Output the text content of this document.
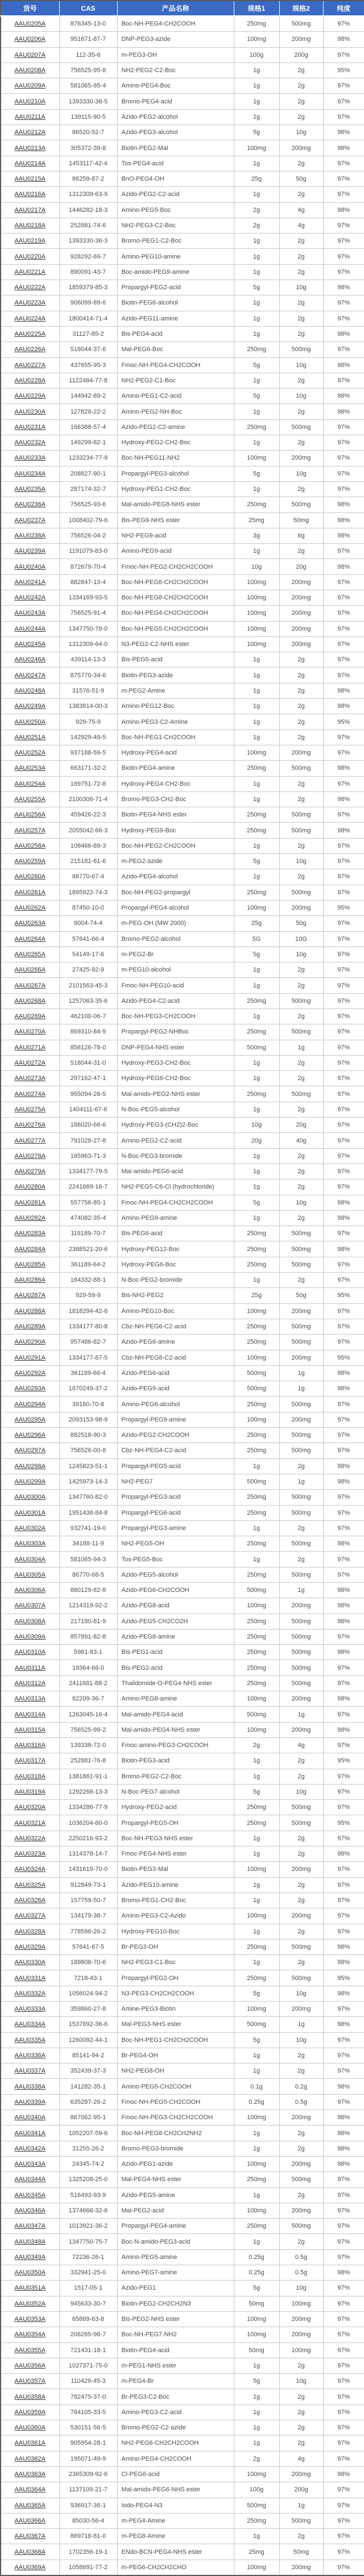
货号	CAS	产品名称	规格1	规格2	纯度
AAU0205A	876345-13-0	Boc-NH-PEG4-CH2COOH	250mg	500mg	97%
AAU0206A	951671-87-7	DNP-PEG3-azide	100mg	200mg	98%
AAU0207A	112-35-6	m-PEG3-OH	100g	200g	97%
AAU0208A	756525-95-8	NH2-PEG2-C2-Boc	1g	2g	95%
AAU0209A	581065-95-4	Amino-PEG4-Boc	1g	2g	97%
AAU0210A	1393330-38-5	Bromo-PEG4-acid	1g	2g	97%
AAU0211A	139115-90-5	Azido-PEG2-alcohol	1g	2g	97%
AAU0212A	86520-52-7	Azido-PEG3-alcohol	5g	10g	98%
AAU0213A	305372-39-8	Biotin-PEG2-Mal	100mg	200mg	98%
AAU0214A	1453117-42-4	Tos-PEG4-acid	1g	2g	97%
AAU0215A	86259-87-2	BnO-PEG4-OH	25g	50g	97%
AAU0216A	1312309-63-9	Azido-PEG2-C2-acid	1g	2g	97%
AAU0217A	1446282-18-3	Amino-PEG5-Boc	2g	4g	98%
AAU0218A	252881-74-6	NH2-PEG3-C2-Boc	2g	4g	97%
AAU0219A	1393330-36-3	Bromo-PEG1-C2-Boc	1g	2g	97%
AAU0220A	928292-69-7	Amino-PEG10-amine	1g	2g	97%
AAU0221A	890091-43-7	Boc-amido-PEG9-amine	1g	2g	97%
AAU0222A	1859379-85-3	Propargyl-PEG2-acid	5g	10g	98%
AAU0223A	906099-89-6	Biotin-PEG6-alcohol	1g	2g	97%
AAU0224A	1800414-71-4	Azido-PEG11-amine	1g	2g	97%
AAU0225A	31127-85-2	Bis-PEG4-acid	1g	2g	98%
AAU0226A	518044-37-6	Mal-PEG6-Boc	250mg	500mg	97%
AAU0227A	437655-95-3	Fmoc-NH-PEG4-CH2COOH	5g	10g	98%
AAU0228A	1122484-77-8	NH2-PEG2-C1-Boc	1g	2g	97%
AAU0229A	144942-89-2	Amino-PEG1-C2-acid	5g	10g	98%
AAU0230A	127828-22-2	Amino-PEG2-NH-Boc	1g	2g	98%
AAU0231A	166388-57-4	Azido-PEG2-C2-amine	250mg	500mg	97%
AAU0232A	149299-82-1	Hydroxy-PEG2-CH2-Boc	1g	2g	97%
AAU0233A	1233234-77-9	Boc-NH-PEG11-NH2	100mg	200mg	97%
AAU0234A	208827-90-1	Propargyl-PEG3-alcohol	5g	10g	97%
AAU0235A	287174-32-7	Hydroxy-PEG1-CH2-Boc	1g	2g	97%
AAU0236A	756525-93-6	Mal-amido-PEG8-NHS ester	250mg	500mg	98%
AAU0237A	1008402-79-6	Bis-PEG9-NHS ester	25mg	50mg	98%
AAU0238A	756526-04-2	NH2-PEG9-acid	3g	6g	98%
AAU0239A	1191079-83-0	Amino-PEG9-acid	1g	2g	97%
AAU0240A	872679-70-4	Fmoc-NH-PEG2-CH2CH2COOH	10g	20g	98%
AAU0241A	882847-13-4	Boc-NH-PEG6-CH2CH2COOH	100mg	200mg	97%
AAU0242A	1334169-93-5	Boc-NH-PEG8-CH2CH2COOH	100mg	200mg	97%
AAU0243A	756525-91-4	Boc-NH-PEG4-CH2CH2COOH	100mg	200mg	97%
AAU0244A	1347750-78-0	Boc-NH-PEG5-CH2CH2COOH	100mg	200mg	97%
AAU0245A	1312309-64-0	N3-PEG2-C2-NHS ester	100mg	200mg	97%
AAU0246A	439114-13-3	Bis-PEG5-acid	1g	2g	97%
AAU0247A	875770-34-6	Biotin-PEG3-azide	1g	2g	97%
AAU0248A	31576-51-9	m-PEG2-Amine	1g	2g	98%
AAU0249A	1383814-00-3	Amino-PEG12-Boc	1g	2g	98%
AAU0250A	929-75-9	Amino-PEG3-C2-Amine	1g	2g	95%
AAU0251A	142929-49-5	Boc-NH-PEG1-CH2COOH	1g	2g	97%
AAU0252A	937188-59-5	Hydroxy-PEG4-acid	100mg	200mg	97%
AAU0253A	663171-32-2	Biotin-PEG4-amine	250mg	500mg	98%
AAU0254A	169751-72-8	Hydroxy-PEG4-CH2-Boc	1g	2g	97%
AAU0255A	2100306-71-4	Bromo-PEG3-CH2-Boc	1g	2g	98%
AAU0256A	459426-22-3	Biotin-PEG4-NHS ester	250mg	500mg	97%
AAU0257A	2055042-66-3	Hydroxy-PEG9-Boc	250mg	500mg	98%
AAU0258A	108466-89-3	Boc-NH-PEG2-CH2COOH	1g	2g	97%
AAU0259A	215181-61-6	m-PEG2-azide	5g	10g	97%
AAU0260A	86770-67-4	Azido-PEG4-alcohol	1g	2g	97%
AAU0261A	1895922-74-3	Boc-NH-PEG2-propargyl	250mg	500mg	97%
AAU0262A	87450-10-0	Propargyl-PEG4-alcohol	100mg	200mg	95%
AAU0263A	9004-74-4	m-PEG-OH (MW 2000)	25g	50g	97%
AAU0264A	57641-66-4	Bromo-PEG2-alcohol	5G	10G	97%
AAU0265A	54149-17-6	m-PEG2-Br	5g	10g	97%
AAU0266A	27425-92-9	m-PEG10-alcohol	1g	2g	97%
AAU0267A	2101563-45-3	Fmoc-NH-PEG10-acid	1g	2g	97%
AAU0268A	1257063-35-6	Azido-PEG4-C2-acid	250mg	500mg	97%
AAU0269A	462100-06-7	Boc-NH-PEG3-CH2COOH	1g	2g	97%
AAU0270A	869310-84-9	Propargyl-PEG2-NHBoc	250mg	500mg	97%
AAU0271A	858126-78-0	DNP-PEG4-NHS ester	500mg	1g	97%
AAU0272A	518044-31-0	Hydroxy-PEG3-CH2-Boc	1g	2g	97%
AAU0273A	297162-47-1	Hydroxy-PEG6-CH2-Boc	1g	2g	97%
AAU0274A	955094-26-5	Mal-amido-PEG2-NHS ester	250mg	500mg	97%
AAU0275A	1404111-67-6	N-Boc-PEG5-alcohol	1g	2g	97%
AAU0276A	186020-66-6	Hydroxy-PEG3-(CH2)2-Boc	10g	20g	97%
AAU0277A	791028-27-8	Amino-PEG2-C2-acid	20g	40g	97%
AAU0278A	165963-71-3	N-Boc-PEG3-bromide	1g	2g	97%
AAU0279A	1334177-79-5	Mal-amido-PEG6-acid	1g	2g	97%
AAU0280A	2241669-16-7	NH2-PEG5-C6-Cl (hydrochloride)	1g	2g	97%
AAU0281A	557756-85-1	Fmoc-NH-PEG4-CH2CH2COOH	5g	10g	98%
AAU0282A	474082-35-4	Amino-PEG9-amine	1g	2g	98%
AAU0283A	119189-70-7	Bis-PEG6-acid	250mg	500mg	97%
AAU0284A	2388521-20-6	Hydroxy-PEG12-Boc	250mg	500mg	98%
AAU0285A	361189-64-2	Hydroxy-PEG6-Boc	250mg	500mg	97%
AAU0286A	164332-88-1	N-Boc-PEG2-bromide	1g	2g	97%
AAU0287A	929-59-9	Bis-NH2-PEG2	25g	50g	95%
AAU0288A	1818294-42-6	Amino-PEG10-Boc	100mg	200mg	97%
AAU0289A	1334177-80-8	Cbz-NH-PEG6-C2-acid	250mg	500mg	97%
AAU0290A	957486-82-7	Azido-PEG6-amine	250mg	500mg	97%
AAU0291A	1334177-87-5	Cbz-NH-PEG8-C2-acid	100mg	200mg	95%
AAU0292A	361189-66-4	Azido-PEG6-acid	500mg	1g	98%
AAU0293A	1670249-37-2	Azido-PEG9-acid	500mg	1g	98%
AAU0294A	39160-70-8	Amino-PEG6-alcohol	250mg	500mg	97%
AAU0295A	2093153-98-9	Propargyl-PEG9-amine	100mg	200mg	97%
AAU0296A	882518-90-3	Azido-PEG2-CH2COOH	250mg	500mg	97%
AAU0297A	756526-00-8	Cbz-NH-PEG4-C2-acid	250mg	500mg	97%
AAU0298A	1245823-51-1	Propargyl-PEG5-acid	1g	2g	98%
AAU0299A	1425973-14-3	NH2-PEG7	500mg	1g	98%
AAU0300A	1347760-82-0	Propargyl-PEG3-acid	250mg	500mg	97%
AAU0301A	1951438-84-8	Propargyl-PEG6-acid	250mg	500mg	97%
AAU0302A	932741-19-0	Propargyl-PEG3-amine	1g	2g	97%
AAU0303A	34188-11-9	NH2-PEG5-OH	250mg	500mg	98%
AAU0304A	581065-94-3	Tos-PEG5-Boc	1g	2g	97%
AAU0305A	86770-68-5	Azido-PEG5-alcohol	250mg	500mg	97%
AAU0306A	880129-82-8	Azido-PEG6-CH2COOH	500mg	1g	98%
AAU0307A	1214319-92-2	Azido-PEG8-acid	100mg	200mg	98%
AAU0308A	217180-81-9	Azido-PEG5-CH2CO2H	250mg	500mg	98%
AAU0309A	857891-82-8	Azido-PEG8-amine	250mg	500mg	97%
AAU0310A	5961-83-1	Bis-PEG1-acid	250mg	500mg	98%
AAU0311A	19364-66-0	Bis-PEG2-acid	250mg	500mg	97%
AAU0312A	2411681-88-2	Thalidomide-O-PEG4-NHS ester	250mg	500mg	97%
AAU0313A	82209-36-7	Amino-PEG8-amine	100mg	200mg	98%
AAU0314A	1263045-16-4	Mal-amido-PEG4-acid	500mg	1g	97%
AAU0315A	756525-99-2	Mal-amido-PEG4-NHS ester	100mg	200mg	98%
AAU0316A	139338-72-0	Fmoc-amino-PEG3-CH2COOH	2g	4g	97%
AAU0317A	252881-76-8	Biotin-PEG3-acid	1g	2g	95%
AAU0318A	1381861-91-1	Bromo-PEG2-C2-Boc	1g	2g	97%
AAU0319A	1292268-13-3	N-Boc-PEG7-alcohol	5g	10g	97%
AAU0320A	1334286-77-9	Hydroxy-PEG2-acid	250mg	500mg	97%
AAU0321A	1036204-60-0	Propargyl-PEG5-OH	250mg	500mg	95%
AAU0322A	2250216-93-2	Boc-NH-PEG3-NHS ester	1g	2g	97%
AAU0323A	1314378-14-7	Fmoc-PEG4-NHS ester	1g	2g	98%
AAU0324A	1431618-70-0	Biotin-PEG3-Mal	100mg	200mg	97%
AAU0325A	912849-73-1	Azido-PEG10-amine	1g	2g	97%
AAU0326A	157759-50-7	Bromo-PEG1-CH2-Boc	1g	2g	97%
AAU0327A	134179-38-7	Amino-PEG3-C2-Azido	100mg	200mg	97%
AAU0328A	778596-26-2	Hydroxy-PEG10-Boc	1g	2g	97%
AAU0329A	57641-67-5	Br-PEG3-OH	250mg	500mg	98%
AAU0330A	189808-70-6	NH2-PEG3-C1-Boc	1g	2g	98%
AAU0331A	7218-43-1	Propargyl-PEG2-OH	250mg	500mg	95%
AAU0332A	1056024-94-2	N3-PEG3-CH2CH2COOH	5g	10g	98%
AAU0333A	359860-27-8	Amine-PEG3-Biotin	100mg	200mg	97%
AAU0334A	1537892-36-6	Mal-PEG3-NHS ester	500mg	1g	98%
AAU0335A	1260092-44-1	Boc-NH-PEG1-CH2CH2COOH	5g	10g	97%
AAU0336A	85141-94-2	Br-PEG4-OH	1g	2g	97%
AAU0337A	352439-37-3	NH2-PEG8-OH	1g	2g	97%
AAU0338A	141282-35-1	Amino-PEG5-CH2COOH	0.1g	0.2g	98%
AAU0339A	635287-26-2	Fmoc-NH-PEG5-CH2COOH	0.25g	0.5g	97%
AAU0340A	867062-95-1	Fmoc-NH-PEG3-CH2CH2COOH	100mg	200mg	98%
AAU0341A	1052207-59-6	Boc-NH-PEG8-CH2CH2NH2	1g	2g	98%
AAU0342A	31255-26-2	Bromo-PEG3-bromide	1g	2g	98%
AAU0343A	24345-74-2	Azido-PEG1-azide	100mg	200mg	98%
AAU0344A	1325208-25-0	Mal-PEG4-NHS ester	250mg	500mg	97%
AAU0345A	516493-93-9	Azido-PEG5-amine	1g	2g	97%
AAU0346A	1374666-32-6	Mal-PEG2-acid	100mg	200mg	97%
AAU0347A	1013921-36-2	Propargyl-PEG4-amine	250mg	500mg	97%
AAU0348A	1347750-75-7	Boc-N-amido-PEG3-acid	1g	2g	97%
AAU0349A	72236-26-1	Amino-PEG5-amine	0.25g	0.5g	97%
AAU0350A	332941-25-0	Amino-PEG7-amine	0.25g	0.5g	98%
AAU0351A	1517-05-1	Azido-PEG1	5g	10g	97%
AAU0352A	945633-30-7	Biotin-PEG2-CH2CH2N3	50mg	100mg	97%
AAU0353A	65869-63-8	Bis-PEG2-NHS ester	100mg	200mg	97%
AAU0354A	206265-98-7	Boc-NH-PEG7-NH2	100mg	200mg	97%
AAU0355A	721431-18-1	Biotin-PEG4-acid	50mg	100mg	97%
AAU0356A	1027371-75-0	m-PEG1-NHS ester	1g	2g	97%
AAU0357A	110429-45-3	m-PEG4-Br	5g	10g	97%
AAU0358A	782475-37-0	Br-PEG3-C2-Boc	1g	2g	97%
AAU0359A	784105-33-5	Amino-PEG3-C2-acid	1g	2g	97%
AAU0360A	530151-56-5	Bromo-PEG2-C2-azide	1g	2g	97%
AAU0361A	905954-28-1	NH2-PEG6-CH2CH2COOH	1g	2g	97%
AAU0362A	195071-49-9	Amino-PEG4-CH2COOH	2g	4g	97%
AAU0363A	2365309-92-6	Cl-PEG6-acid	100mg	200mg	98%
AAU0364A	1137109-21-7	Mal-amido-PEG6-NHS ester	100g	200g	97%
AAU0365A	936917-36-1	Iodo-PEG4-N3	500mg	1g	97%
AAU0366A	85030-56-4	m-PEG4-Amine	250mg	500mg	97%
AAU0367A	869718-81-0	m-PEG8-Amine	1g	2g	97%
AAU0368A	1702356-19-1	ENdo-BCN-PEG4-NHS ester	25mg	50mg	97%
AAU0369A	1058691-77-2	m-PEG6-CH2CH2CHO	100mg	200mg	97%
